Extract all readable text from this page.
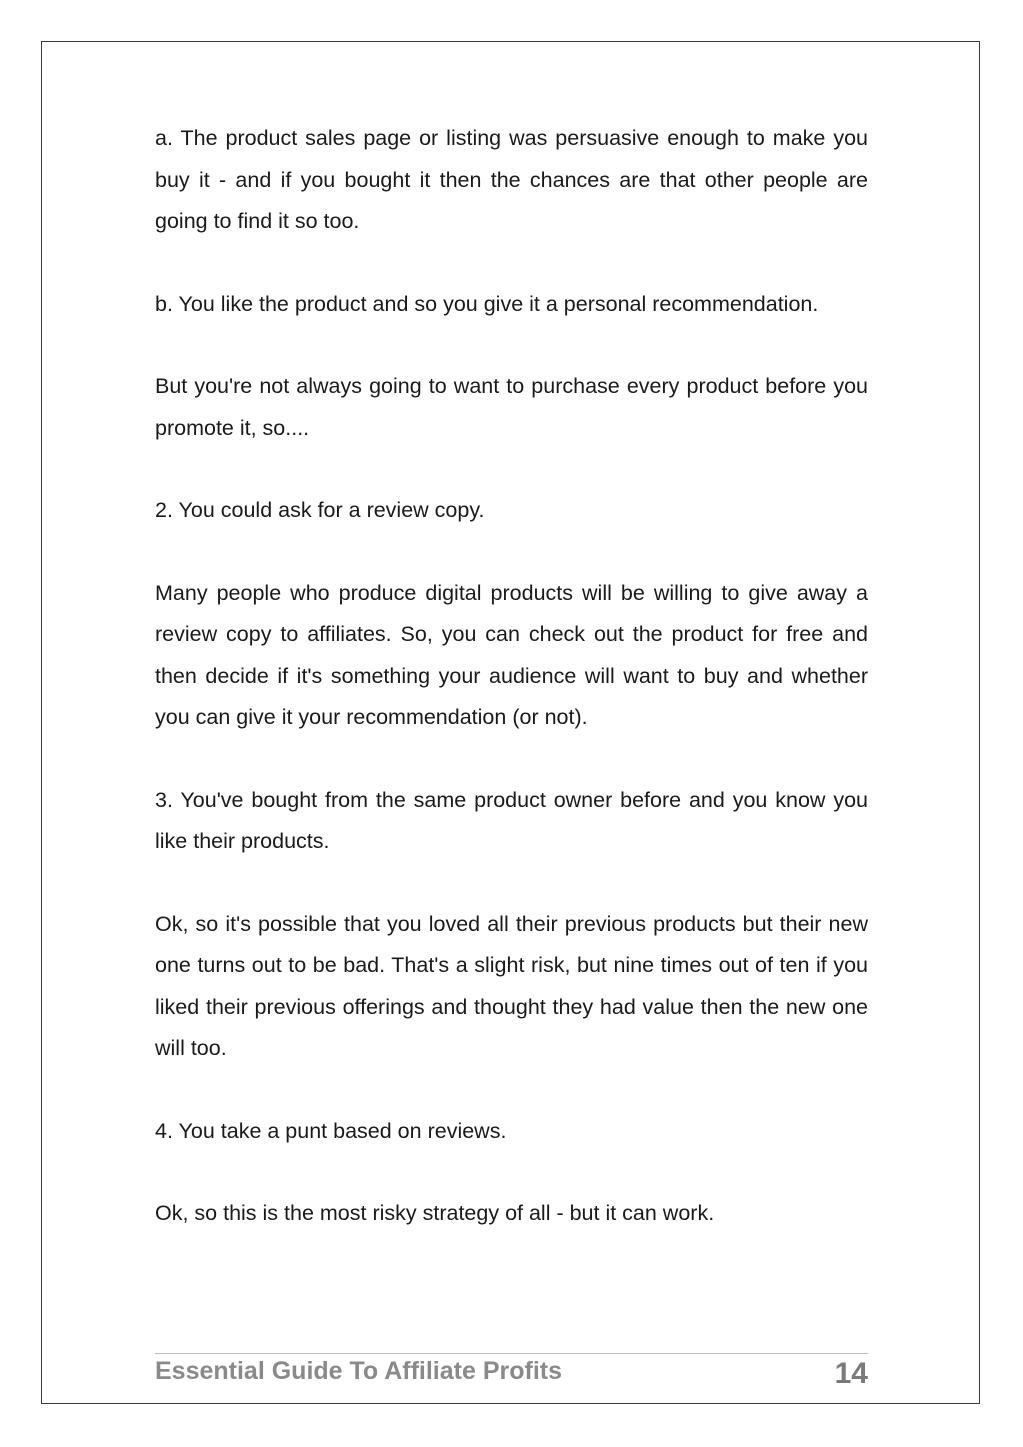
a. The product sales page or listing was persuasive enough to make you buy it - and if you bought it then the chances are that other people are going to find it so too.

b. You like the product and so you give it a personal recommendation.

But you're not always going to want to purchase every product before you promote it, so....

2. You could ask for a review copy.

Many people who produce digital products will be willing to give away a review copy to affiliates. So, you can check out the product for free and then decide if it's something your audience will want to buy and whether you can give it your recommendation (or not).

3. You've bought from the same product owner before and you know you like their products.

Ok, so it's possible that you loved all their previous products but their new one turns out to be bad. That's a slight risk, but nine times out of ten if you liked their previous offerings and thought they had value then the new one will too.

4. You take a punt based on reviews.

Ok, so this is the most risky strategy of all - but it can work.

Essential Guide To Affiliate Profits	14
